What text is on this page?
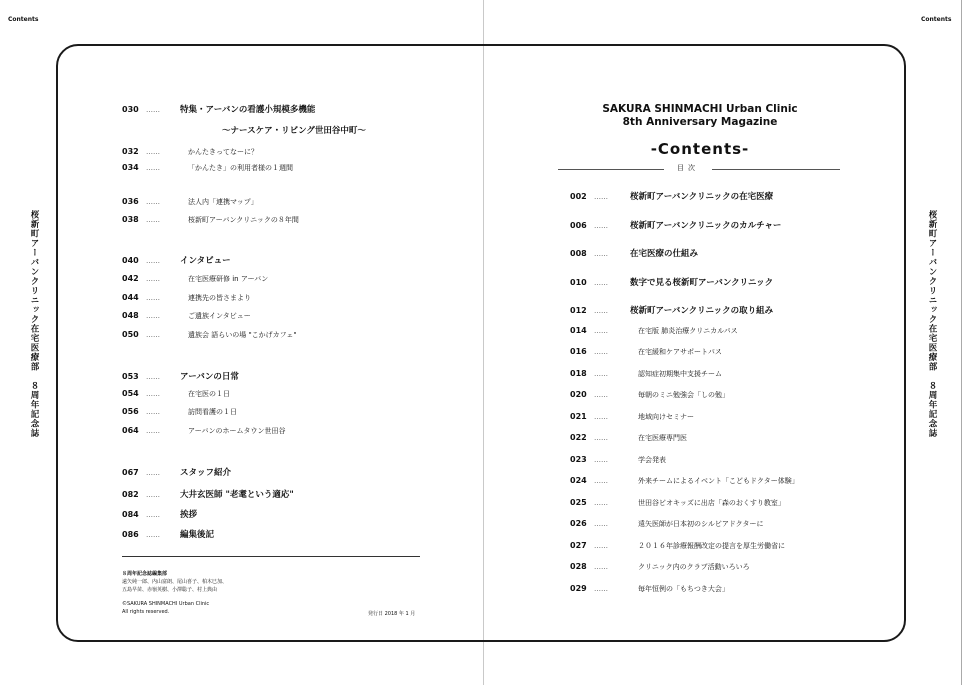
Contents	Contents
桜新町アーバンクリニック在宅医療部　８周年記念誌	桜新町アーバンクリニック在宅医療部　８周年記念誌
030	……	特集・アーバンの看護小規模多機能
〜ナースケア・リビング世田谷中町〜
032	……	かんたきってなーに？
034	……	「かんたき」の利用者様の１週間
036	……	法人内「連携マップ」
038	……	桜新町アーバンクリニックの８年間
040	……	インタビュー
042	……	在宅医療研修 in アーバン
044	……	連携先の皆さまより
048	……	ご遺族インタビュー
050	……	遺族会 語らいの場 "こかげカフェ"
053	……	アーバンの日常
054	……	在宅医の１日
056	……	訪問看護の１日
064	……	アーバンのホームタウン世田谷
067	……	スタッフ紹介
082	……	大井玄医師 "老耄という適応"
084	……	挨拶
086	……	編集後記
８周年記念誌編集部
遠矢純一郎、内山富朗、尾山喜子、柏木巳加、
五島早苗、赤嶺英樹、小澤聡子、村上典由
©SAKURA SHINMACHI Urban Clinic
All rights reserved.	発行日 2018 年 1 月
SAKURA SHINMACHI Urban Clinic
8th Anniversary Magazine
-Contents-
目次
002	……	桜新町アーバンクリニックの在宅医療
006	……	桜新町アーバンクリニックのカルチャー
008	……	在宅医療の仕組み
010	……	数字で見る桜新町アーバンクリニック
012	……	桜新町アーバンクリニックの取り組み
014	……	在宅版 肺炎治療クリニカルパス
016	……	在宅緩和ケアサポートパス
018	……	認知症初期集中支援チーム
020	……	毎朝のミニ勉強会「しの勉」
021	……	地域向けセミナー
022	……	在宅医療専門医
023	……	学会発表
024	……	外来チームによるイベント「こどもドクター体験」
025	……	世田谷ビオキッズに出店「森のおくすり教室」
026	……	遠矢医師が日本初のシルビアドクターに
027	……	２０１６年診療報酬改定の提言を厚生労働省に
028	……	クリニック内のクラブ活動いろいろ
029	……	毎年恒例の「もちつき大会」
